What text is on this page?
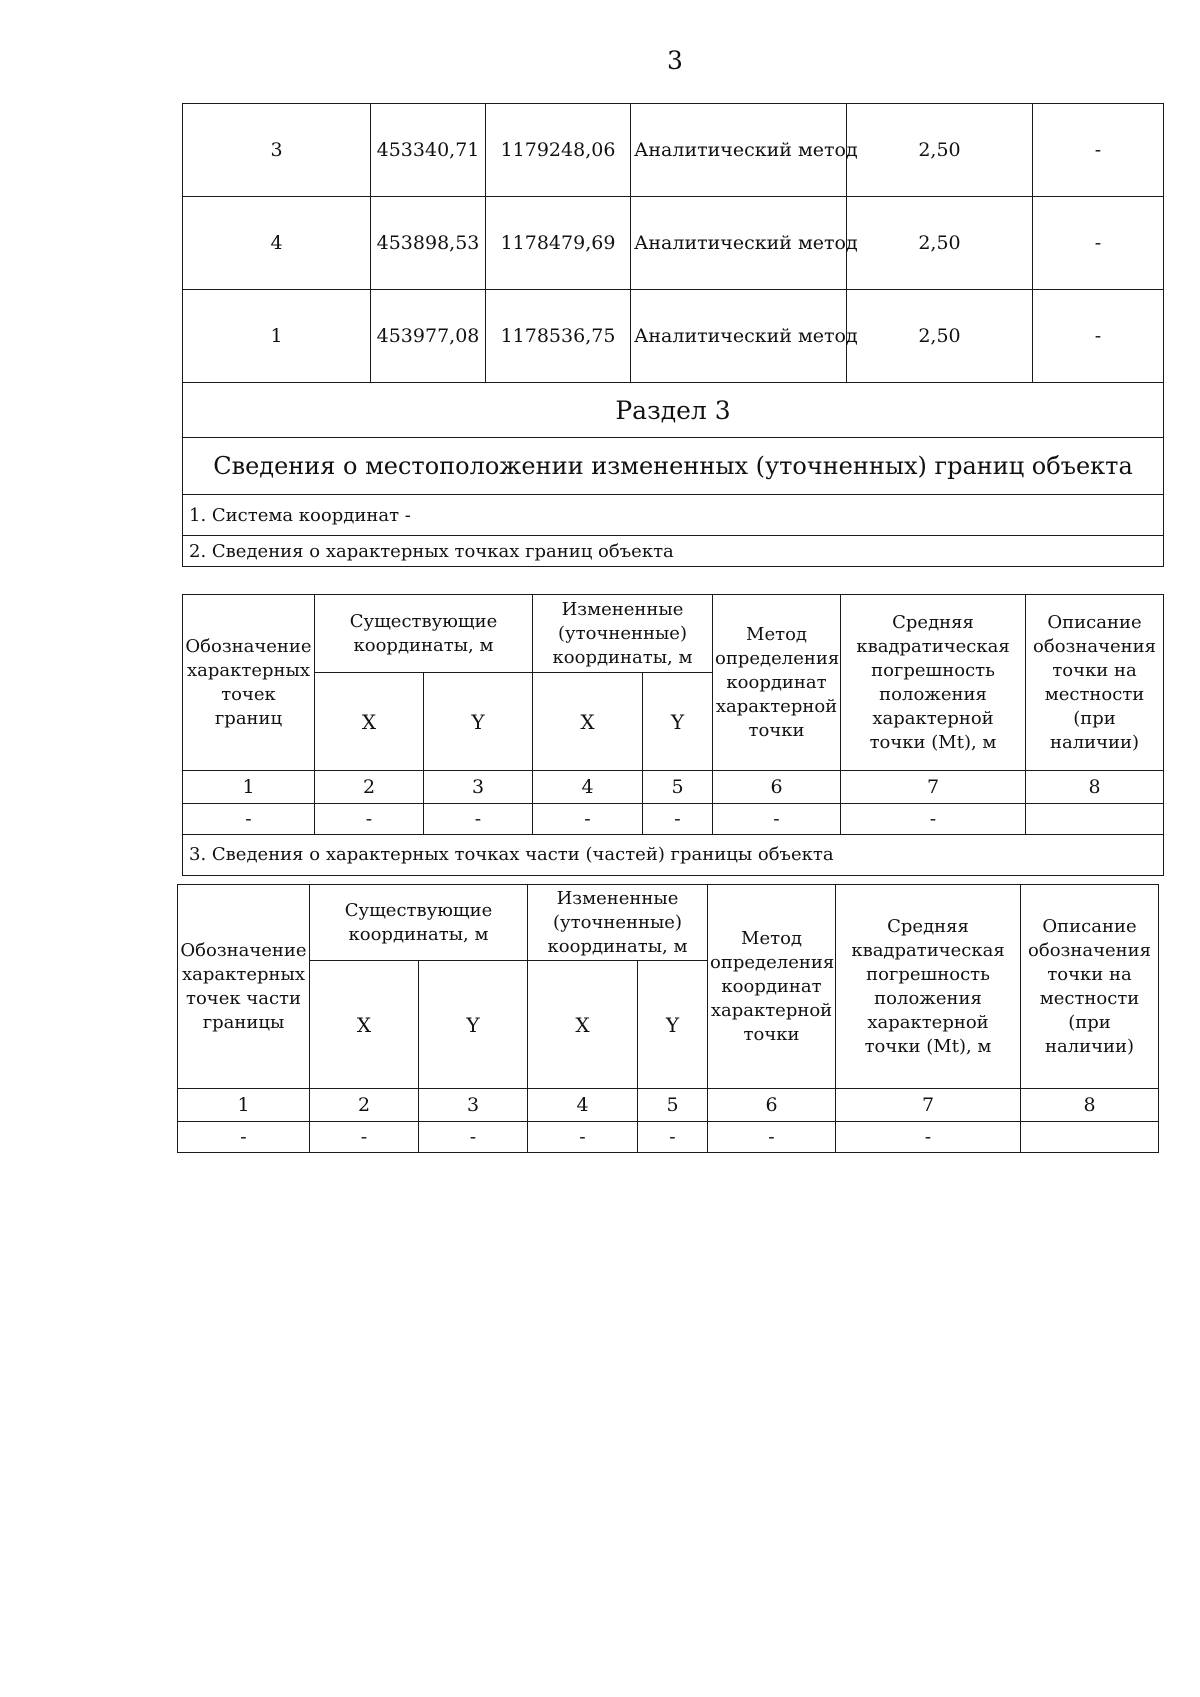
3
3	453340,71	1179248,06	Аналитический метод	2,50	-
4	453898,53	1178479,69	Аналитический метод	2,50	-
1	453977,08	1178536,75	Аналитический метод	2,50	-
Раздел 3					
Сведения о местоположении измененных (уточненных) границ объекта					
1. Система координат -					
2. Сведения о характерных точках границ объекта					
Обозначение характерных точек границ	Существующие координаты, м		Измененные (уточненные) координаты, м		Метод определения координат характерной точки	Средняя квадратическая погрешность положения характерной точки (Mt), м	Описание обозначения точки на местности (при наличии)
	X	Y	X	Y			
1	2	3	4	5	6	7	8
-	-	-	-	-	-	-	
3. Сведения о характерных точках части (частей) границы объекта							
Обозначение характерных точек части границы	Существующие координаты, м		Измененные (уточненные) координаты, м		Метод определения координат характерной точки	Средняя квадратическая погрешность положения характерной точки (Mt), м	Описание обозначения точки на местности (при наличии)
	X	Y	X	Y			
1	2	3	4	5	6	7	8
-	-	-	-	-	-	-	
